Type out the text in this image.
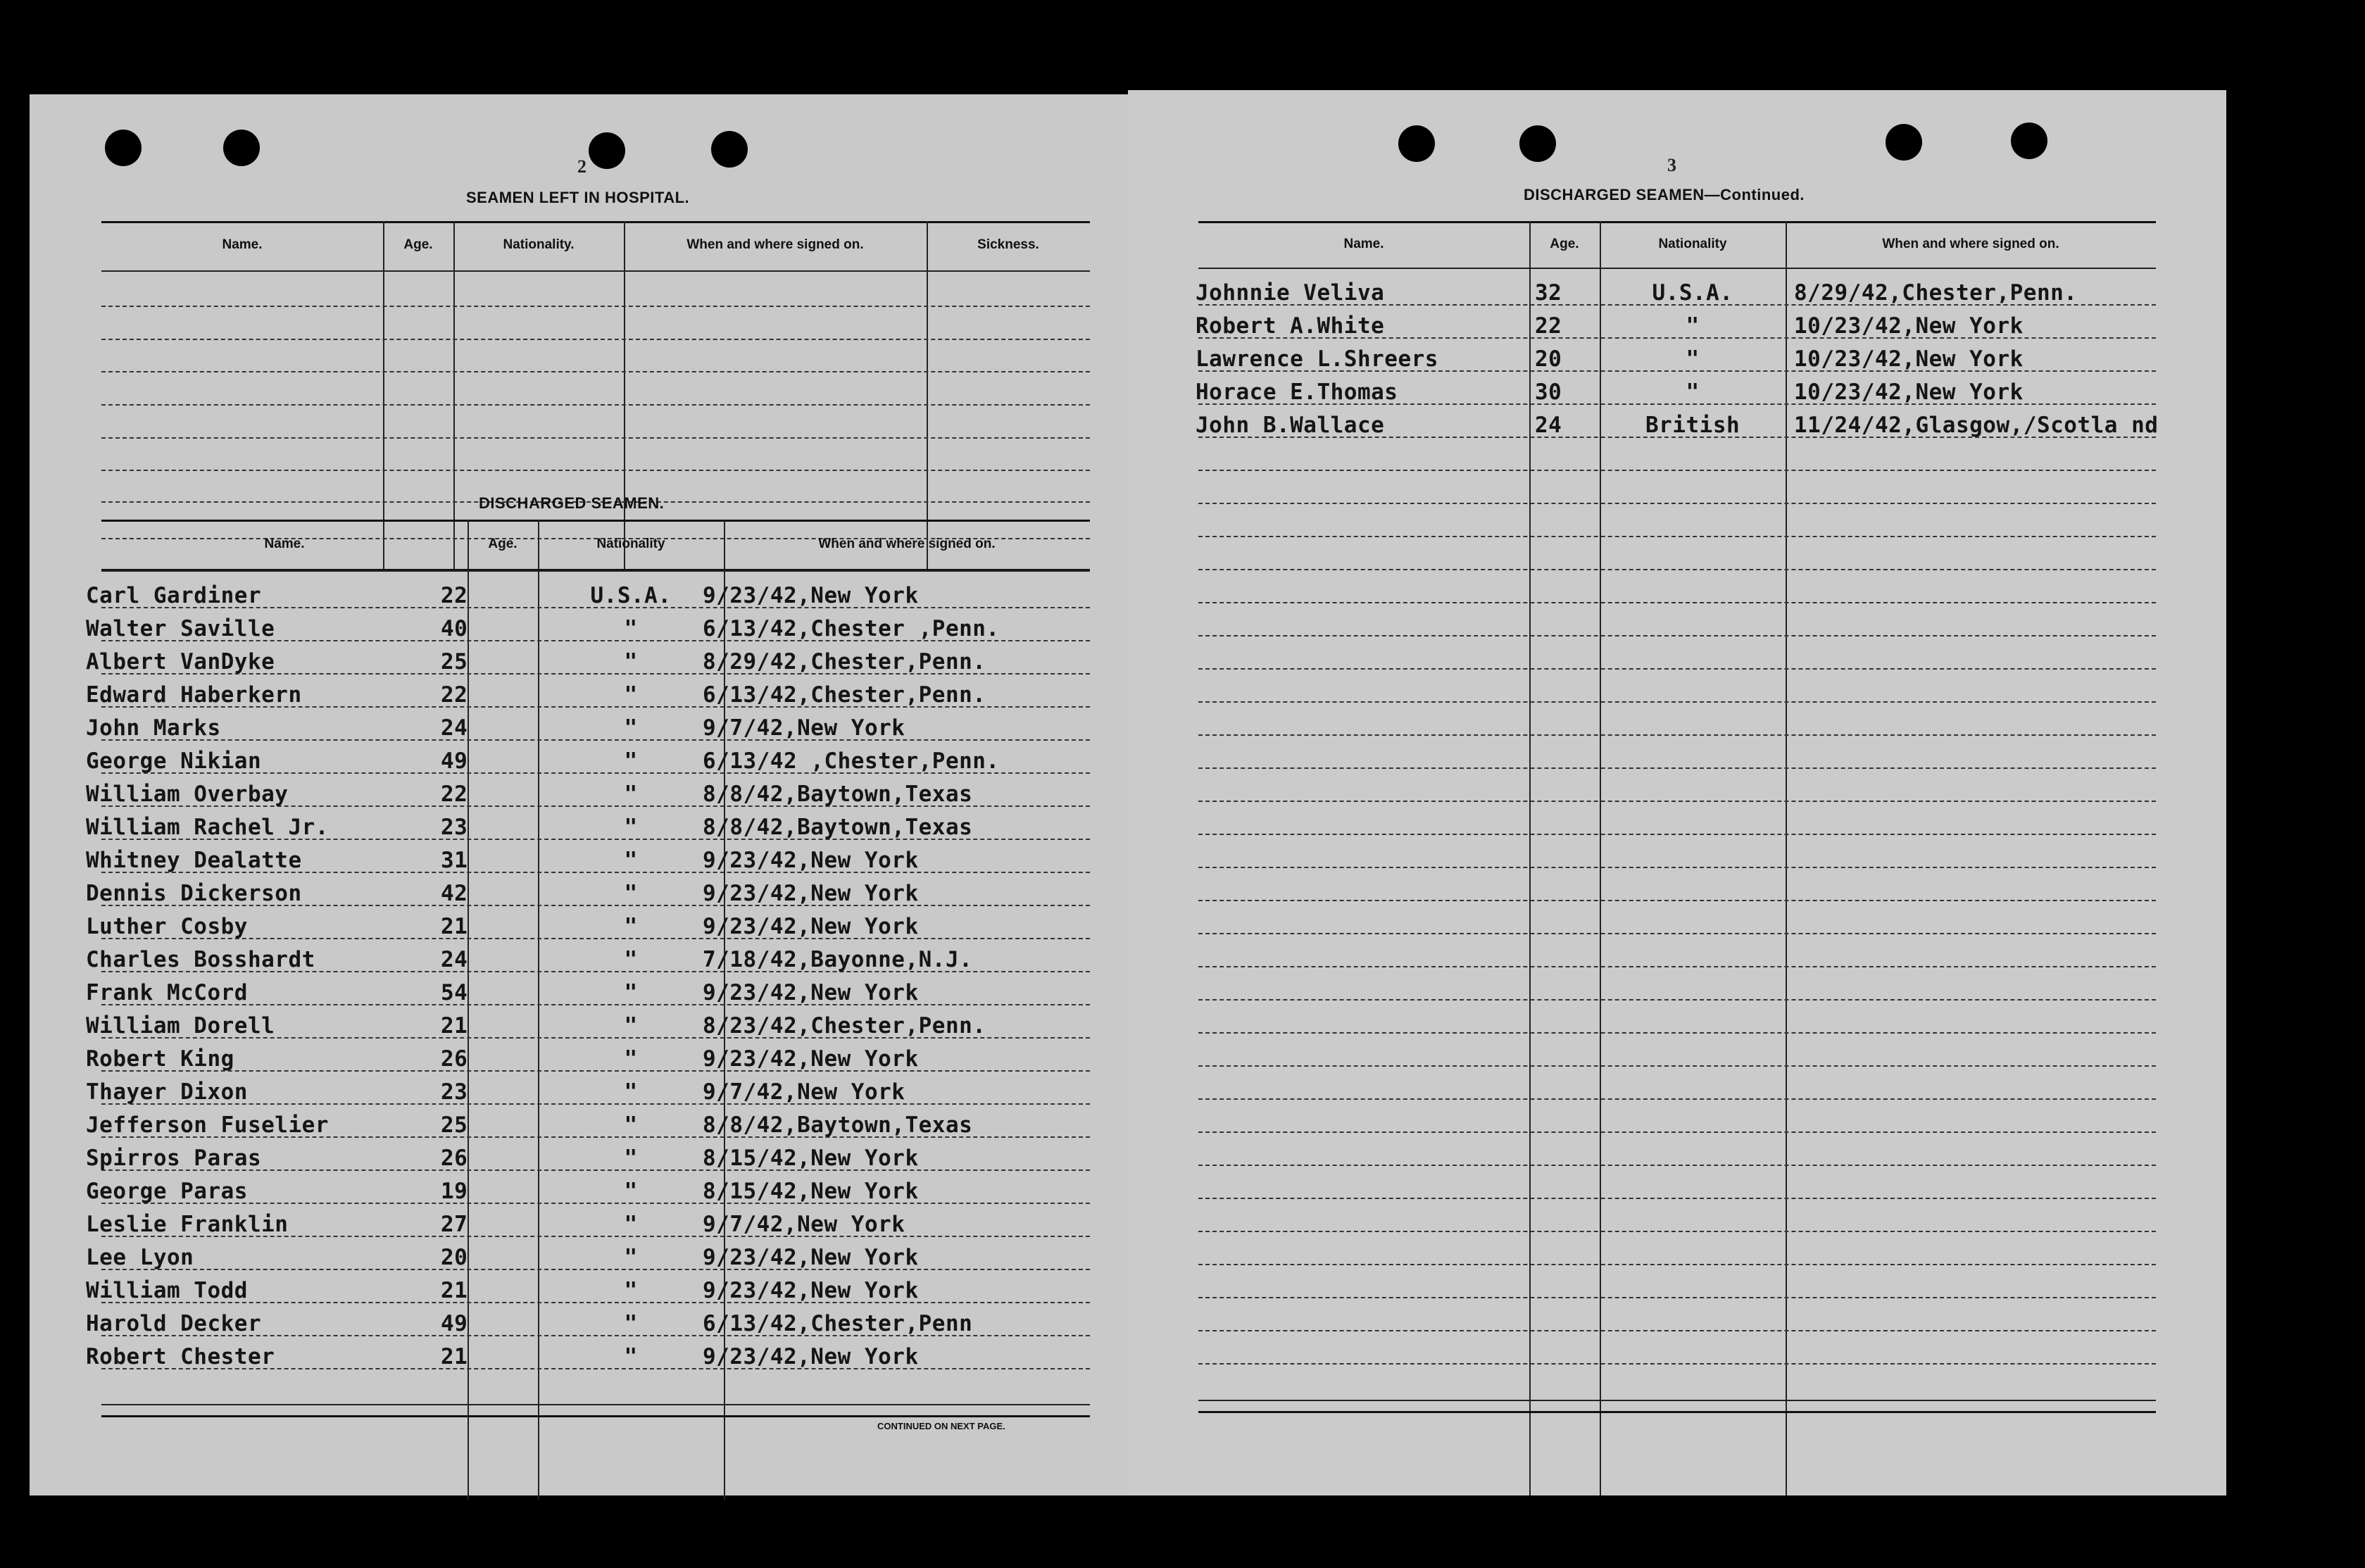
2
SEAMEN LEFT IN HOSPITAL.
Name.	Age.	Nationality.	When and where signed on.	Sickness.
DISCHARGED SEAMEN.
Name.	Age.	Nationality	When and where signed on.
Carl Gardiner	22	U.S.A. 9/23/42,New York
Walter Saville	40	"	6/13/42,Chester ,Penn.
Albert VanDyke	25	"	8/29/42,Chester,Penn.
Edward Haberkern	22	"	6/13/42,Chester,Penn.
John Marks	24	"	9/7/42,New York
George Nikian	49	"	6/13/42 ,Chester,Penn.
William Overbay	22	"	8/8/42,Baytown,Texas
William Rachel Jr.	23	"	8/8/42,Baytown,Texas
Whitney Dealatte	31	"	9/23/42,New York
Dennis Dickerson	42	"	9/23/42,New York
Luther Cosby	21	"	9/23/42,New York
Charles Bosshardt	24	"	7/18/42,Bayonne,N.J.
Frank McCord	54	"	9/23/42,New York
William Dorell	21	"	8/23/42,Chester,Penn.
Robert King	26	"	9/23/42,New York
Thayer Dixon	23	"	9/7/42,New York
Jefferson Fuselier	25	"	8/8/42,Baytown,Texas
Spirros Paras	26	"	8/15/42,New York
George Paras	19	"	8/15/42,New York
Leslie Franklin	27	"	9/7/42,New York
Lee Lyon	20	"	9/23/42,New York
William Todd	21	"	9/23/42,New York
Harold Decker	49	"	6/13/42,Chester,Penn
Robert Chester	21	"	9/23/42,New York
CONTINUED ON NEXT PAGE.
3
DISCHARGED SEAMEN—Continued.
Name.	Age.	Nationality	When and where signed on.
Johnnie Veliva	32	U.S.A.	8/29/42,Chester,Penn.
Robert A.White	22	"	10/23/42,New York
Lawrence L.Shreers	20	"	10/23/42,New York
Horace E.Thomas	30	"	10/23/42,New York
John B.Wallace	24	British 11/24/42,Glasgow,/Scotla nd
